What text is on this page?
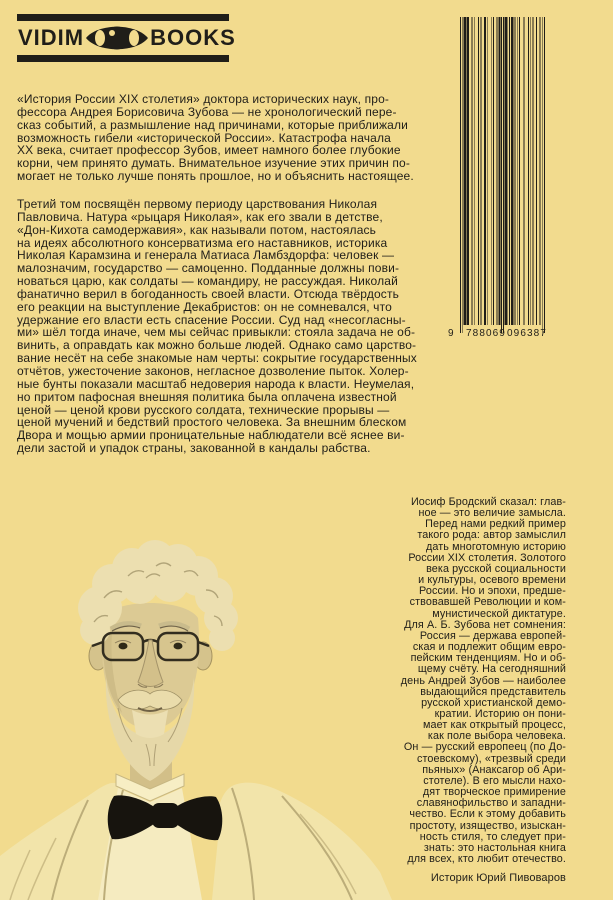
VIDIM	BOOKS
9 788069 096387
«История России XIX столетия» доктора исторических наук, про-
фессора Андрея Борисовича Зубова — не хронологический пере-
сказ событий, а размышление над причинами, которые приближали
возможность гибели «исторической России». Катастрофа начала
XX века, считает профессор Зубов, имеет намного более глубокие
корни, чем принято думать. Внимательное изучение этих причин по-
могает не только лучше понять прошлое, но и объяснить настоящее.
Третий том посвящён первому периоду царствования Николая
Павловича. Натура «рыцаря Николая», как его звали в детстве,
«Дон-Кихота самодержавия», как называли потом, настоялась
на идеях абсолютного консерватизма его наставников, историка
Николая Карамзина и генерала Матиаса Ламбздорфа: человек —
малозначим, государство — самоценно. Подданные должны пови-
новаться царю, как солдаты — командиру, не рассуждая. Николай
фанатично верил в богоданность своей власти. Отсюда твёрдость
его реакции на выступление Декабристов: он не сомневался, что
удержание его власти есть спасение России. Суд над «несогласны-
ми» шёл тогда иначе, чем мы сейчас привыкли: стояла задача не об-
винить, а оправдать как можно больше людей. Однако само царство-
вание несёт на себе знакомые нам черты: сокрытие государственных
отчётов, ужесточение законов, негласное дозволение пыток. Холер-
ные бунты показали масштаб недоверия народа к власти. Неумелая,
но притом пафосная внешняя политика была оплачена известной
ценой — ценой крови русского солдата, технические прорывы —
ценой мучений и бедствий простого человека. За внешним блеском
Двора и мощью армии проницательные наблюдатели всё яснее ви-
дели застой и упадок страны, закованной в кандалы рабства.
Иосиф Бродский сказал: глав-
ное — это величие замысла.
Перед нами редкий пример
такого рода: автор замыслил
дать многотомную историю
России XIX столетия. Золотого
века русской социальности
и культуры, осевого времени
России. Но и эпохи, предше-
ствовавшей Революции и ком-
мунистической диктатуре.
Для А. Б. Зубова нет сомнения:
Россия — держава европей-
ская и подлежит общим евро-
пейским тенденциям. Но и об-
щему счёту. На сегодняшний
день Андрей Зубов — наиболее
выдающийся представитель
русской христианской демо-
кратии. Историю он пони-
мает как открытый процесс,
как поле выбора человека.
Он — русский европеец (по До-
стоевскому), «трезвый среди
пьяных» (Анаксагор об Ари-
стотеле). В его мысли нахо-
дят творческое примирение
славянофильство и западни-
чество. Если к этому добавить
простоту, изящество, изыскан-
ность стиля, то следует при-
знать: это настольная книга
для всех, кто любит отечество.
Историк Юрий Пивоваров
